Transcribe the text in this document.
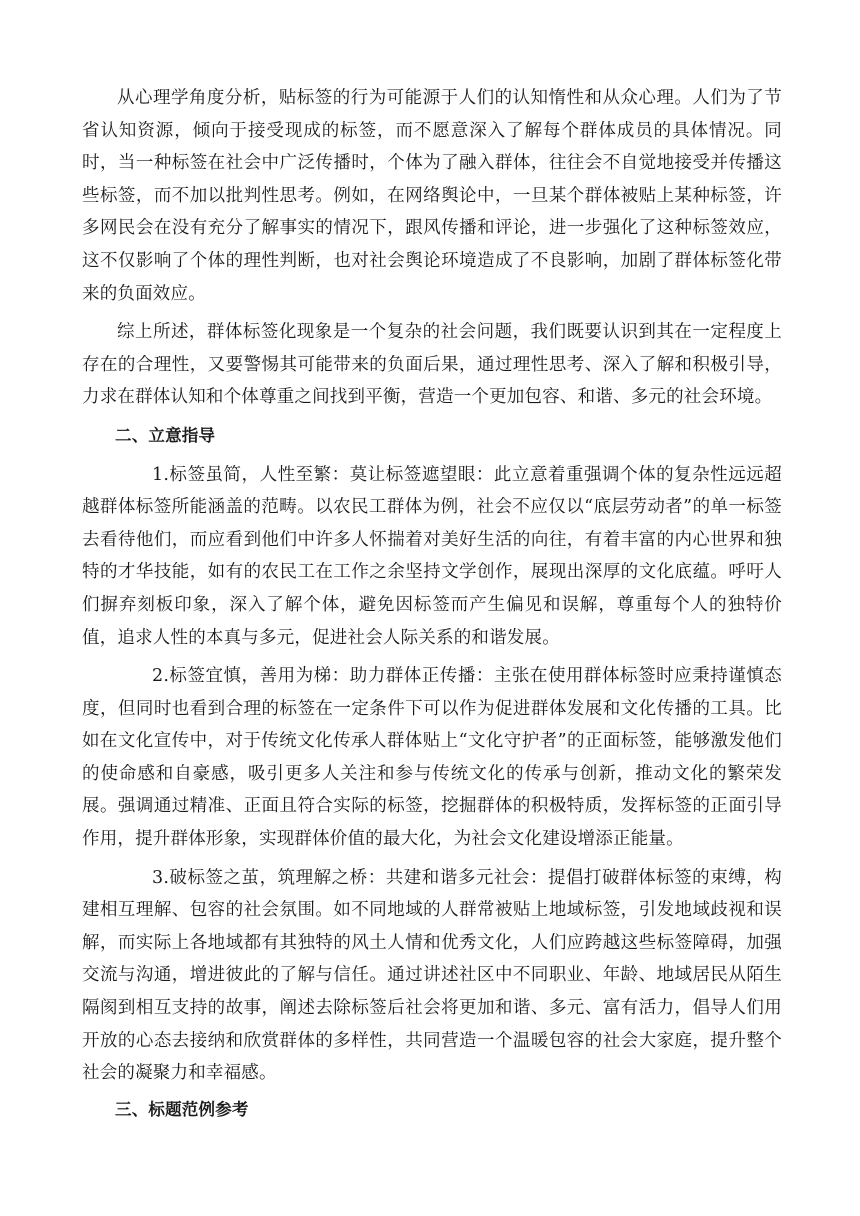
从心理学角度分析，贴标签的行为可能源于人们的认知惰性和从众心理。人们为了节省认知资源，倾向于接受现成的标签，而不愿意深入了解每个群体成员的具体情况。同时，当一种标签在社会中广泛传播时，个体为了融入群体，往往会不自觉地接受并传播这些标签，而不加以批判性思考。例如，在网络舆论中，一旦某个群体被贴上某种标签，许多网民会在没有充分了解事实的情况下，跟风传播和评论，进一步强化了这种标签效应，这不仅影响了个体的理性判断，也对社会舆论环境造成了不良影响，加剧了群体标签化带来的负面效应。

综上所述，群体标签化现象是一个复杂的社会问题，我们既要认识到其在一定程度上存在的合理性，又要警惕其可能带来的负面后果，通过理性思考、深入了解和积极引导，力求在群体认知和个体尊重之间找到平衡，营造一个更加包容、和谐、多元的社会环境。

二、立意指导

1.标签虽简，人性至繁：莫让标签遮望眼：此立意着重强调个体的复杂性远远超越群体标签所能涵盖的范畴。以农民工群体为例，社会不应仅以“底层劳动者”的单一标签去看待他们，而应看到他们中许多人怀揣着对美好生活的向往，有着丰富的内心世界和独特的才华技能，如有的农民工在工作之余坚持文学创作，展现出深厚的文化底蕴。呼吁人们摒弃刻板印象，深入了解个体，避免因标签而产生偏见和误解，尊重每个人的独特价值，追求人性的本真与多元，促进社会人际关系的和谐发展。

2.标签宜慎，善用为梯：助力群体正传播：主张在使用群体标签时应秉持谨慎态度，但同时也看到合理的标签在一定条件下可以作为促进群体发展和文化传播的工具。比如在文化宣传中，对于传统文化传承人群体贴上“文化守护者”的正面标签，能够激发他们的使命感和自豪感，吸引更多人关注和参与传统文化的传承与创新，推动文化的繁荣发展。强调通过精准、正面且符合实际的标签，挖掘群体的积极特质，发挥标签的正面引导作用，提升群体形象，实现群体价值的最大化，为社会文化建设增添正能量。

3.破标签之茧，筑理解之桥：共建和谐多元社会：提倡打破群体标签的束缚，构建相互理解、包容的社会氛围。如不同地域的人群常被贴上地域标签，引发地域歧视和误解，而实际上各地域都有其独特的风土人情和优秀文化，人们应跨越这些标签障碍，加强交流与沟通，增进彼此的了解与信任。通过讲述社区中不同职业、年龄、地域居民从陌生隔阂到相互支持的故事，阐述去除标签后社会将更加和谐、多元、富有活力，倡导人们用开放的心态去接纳和欣赏群体的多样性，共同营造一个温暖包容的社会大家庭，提升整个社会的凝聚力和幸福感。

三、标题范例参考
